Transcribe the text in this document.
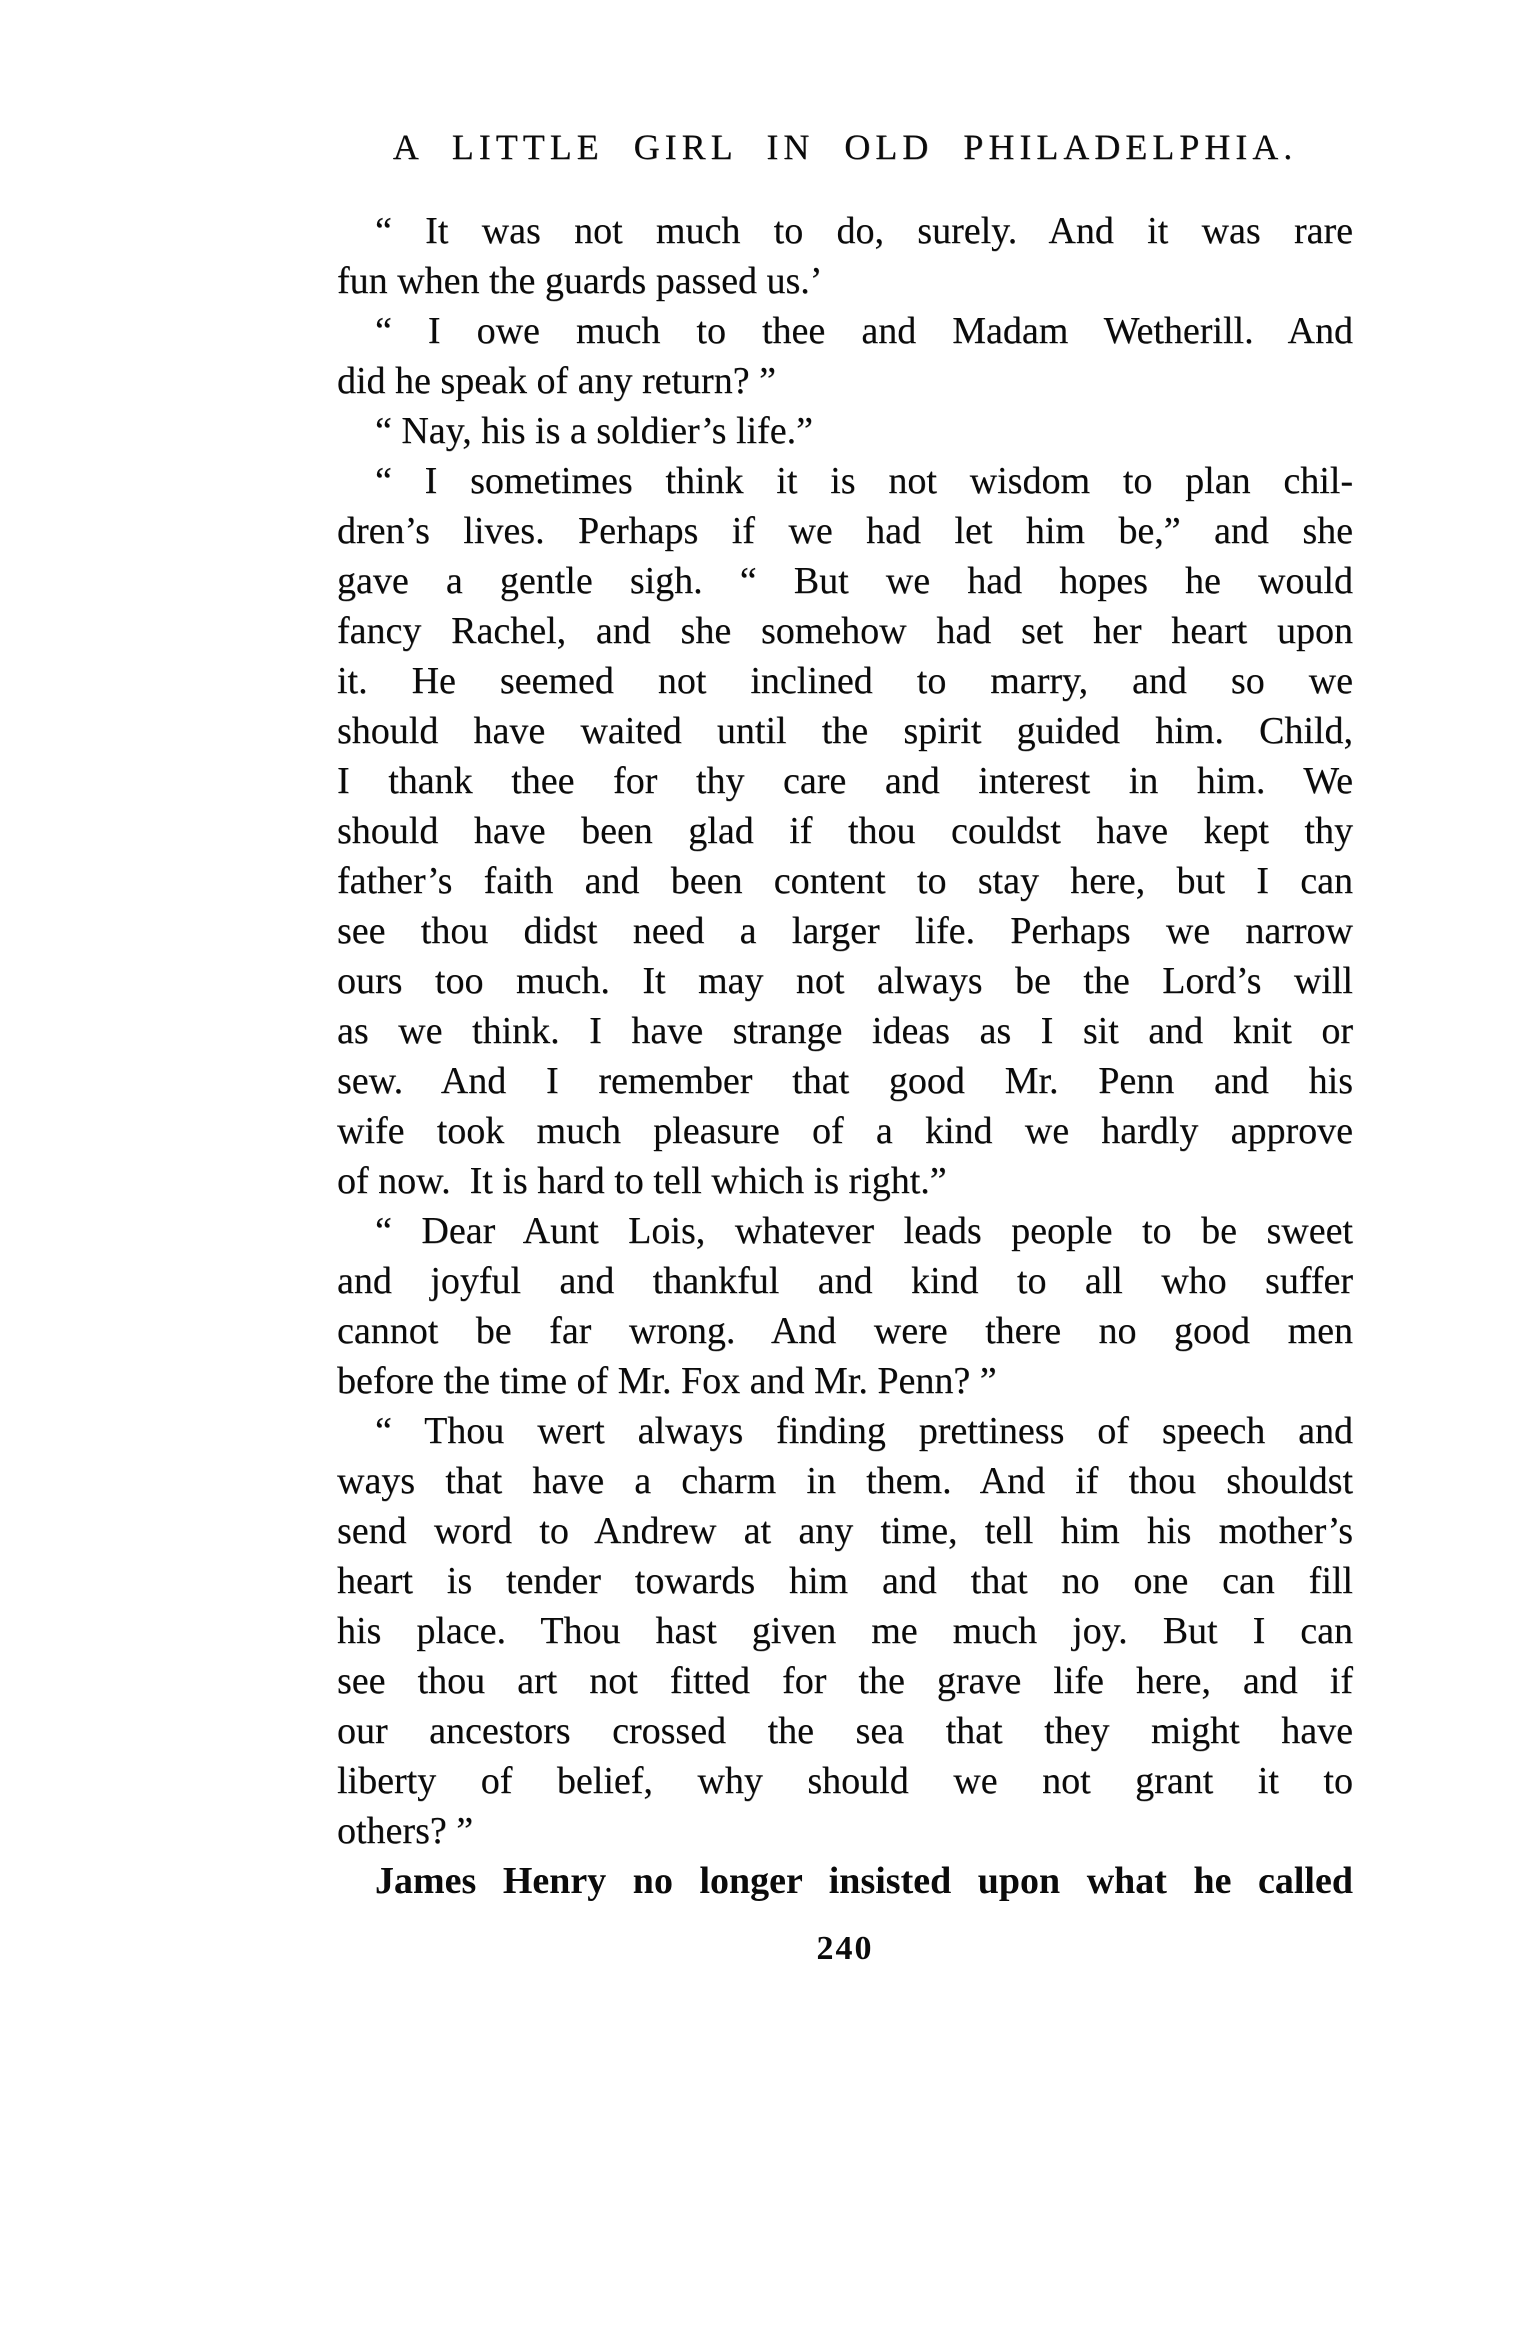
A LITTLE GIRL IN OLD PHILADELPHIA.
“ It was not much to do, surely. And it was rare
fun when the guards passed us.’
“ I owe much to thee and Madam Wetherill. And
did he speak of any return? ”
“ Nay, his is a soldier’s life.”
“ I sometimes think it is not wisdom to plan chil-
dren’s lives. Perhaps if we had let him be,” and she
gave a gentle sigh. “ But we had hopes he would
fancy Rachel, and she somehow had set her heart upon
it. He seemed not inclined to marry, and so we
should have waited until the spirit guided him. Child,
I thank thee for thy care and interest in him. We
should have been glad if thou couldst have kept thy
father’s faith and been content to stay here, but I can
see thou didst need a larger life. Perhaps we narrow
ours too much. It may not always be the Lord’s will
as we think. I have strange ideas as I sit and knit or
sew. And I remember that good Mr. Penn and his
wife took much pleasure of a kind we hardly approve
of now.  It is hard to tell which is right.”
“ Dear Aunt Lois, whatever leads people to be sweet
and joyful and thankful and kind to all who suffer
cannot be far wrong. And were there no good men
before the time of Mr. Fox and Mr. Penn? ”
“ Thou wert always finding prettiness of speech and
ways that have a charm in them. And if thou shouldst
send word to Andrew at any time, tell him his mother’s
heart is tender towards him and that no one can fill
his place. Thou hast given me much joy. But I can
see thou art not fitted for the grave life here, and if
our ancestors crossed the sea that they might have
liberty of belief, why should we not grant it to
others? ”
James Henry no longer insisted upon what he called
240
